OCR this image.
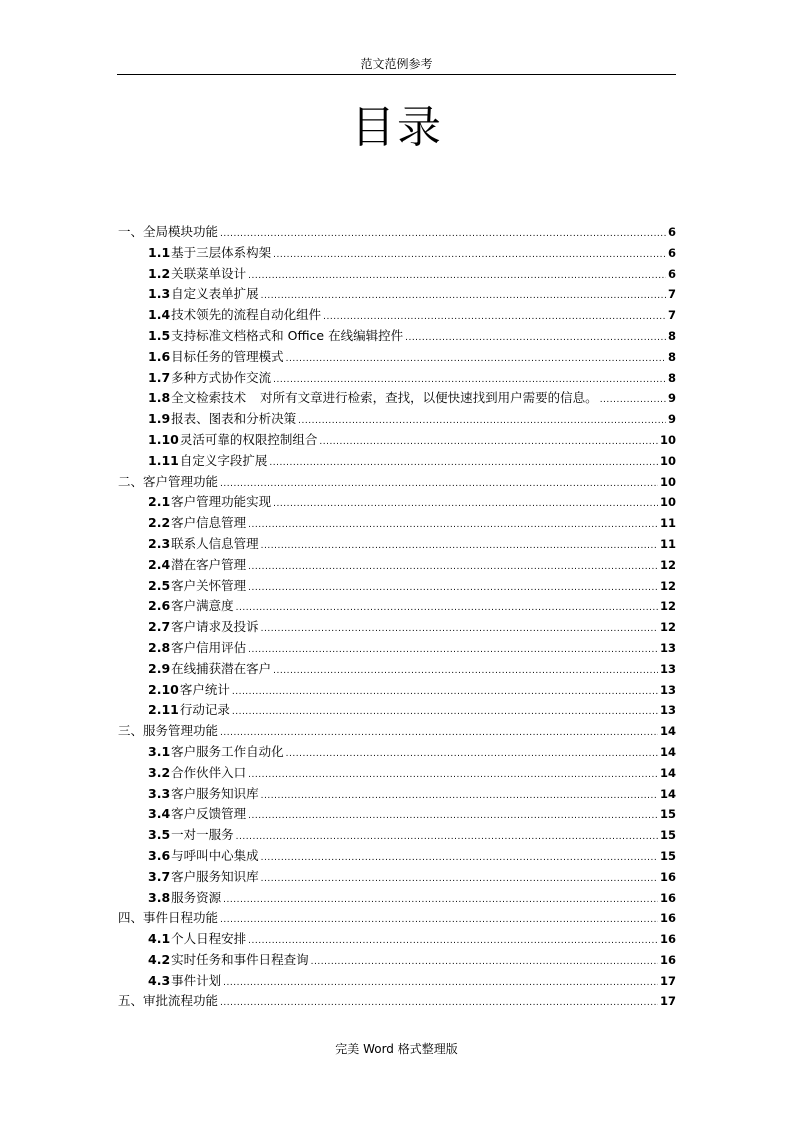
范文范例参考
目录
一、全局模块功能 .....	6
1.1 基于三层体系构架 .....	6
1.2 关联菜单设计 .....	6
1.3 自定义表单扩展 .....	7
1.4 技术领先的流程自动化组件 .....	7
1.5 支持标准文档格式和 Office 在线编辑控件 .....	8
1.6 目标任务的管理模式 .....	8
1.7 多种方式协作交流 .....	8
1.8 全文检索技术 对所有文章进行检索，查找，以便快速找到用户需要的信息。 .....	9
1.9 报表、图表和分析决策 .....	9
1.10 灵活可靠的权限控制组合 .....	10
1.11 自定义字段扩展 .....	10
二、客户管理功能 .....	10
2.1 客户管理功能实现 .....	10
2.2 客户信息管理 .....	11
2.3 联系人信息管理 .....	11
2.4 潜在客户管理 .....	12
2.5 客户关怀管理 .....	12
2.6 客户满意度 .....	12
2.7 客户请求及投诉 .....	12
2.8 客户信用评估 .....	13
2.9 在线捕获潜在客户 .....	13
2.10 客户统计 .....	13
2.11 行动记录 .....	13
三、服务管理功能 .....	14
3.1 客户服务工作自动化 .....	14
3.2 合作伙伴入口 .....	14
3.3 客户服务知识库 .....	14
3.4 客户反馈管理 .....	15
3.5 一对一服务 .....	15
3.6 与呼叫中心集成 .....	15
3.7 客户服务知识库 .....	16
3.8 服务资源 .....	16
四、事件日程功能 .....	16
4.1 个人日程安排 .....	16
4.2 实时任务和事件日程查询 .....	16
4.3 事件计划 .....	17
五、审批流程功能 .....	17
完美 Word 格式整理版
